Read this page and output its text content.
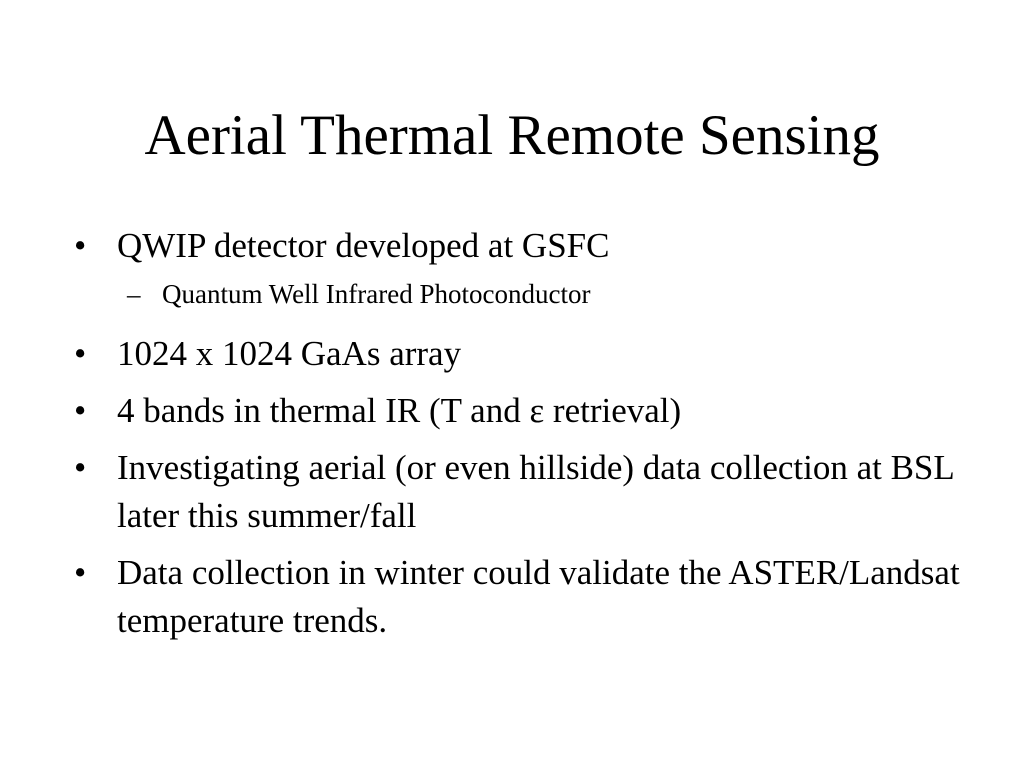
Aerial Thermal Remote Sensing
• QWIP detector developed at GSFC
– Quantum Well Infrared Photoconductor
• 1024 x 1024 GaAs array
• 4 bands in thermal IR (T and ε retrieval)
• Investigating aerial (or even hillside) data collection at BSL later this summer/fall
• Data collection in winter could validate the ASTER/Landsat temperature trends.
